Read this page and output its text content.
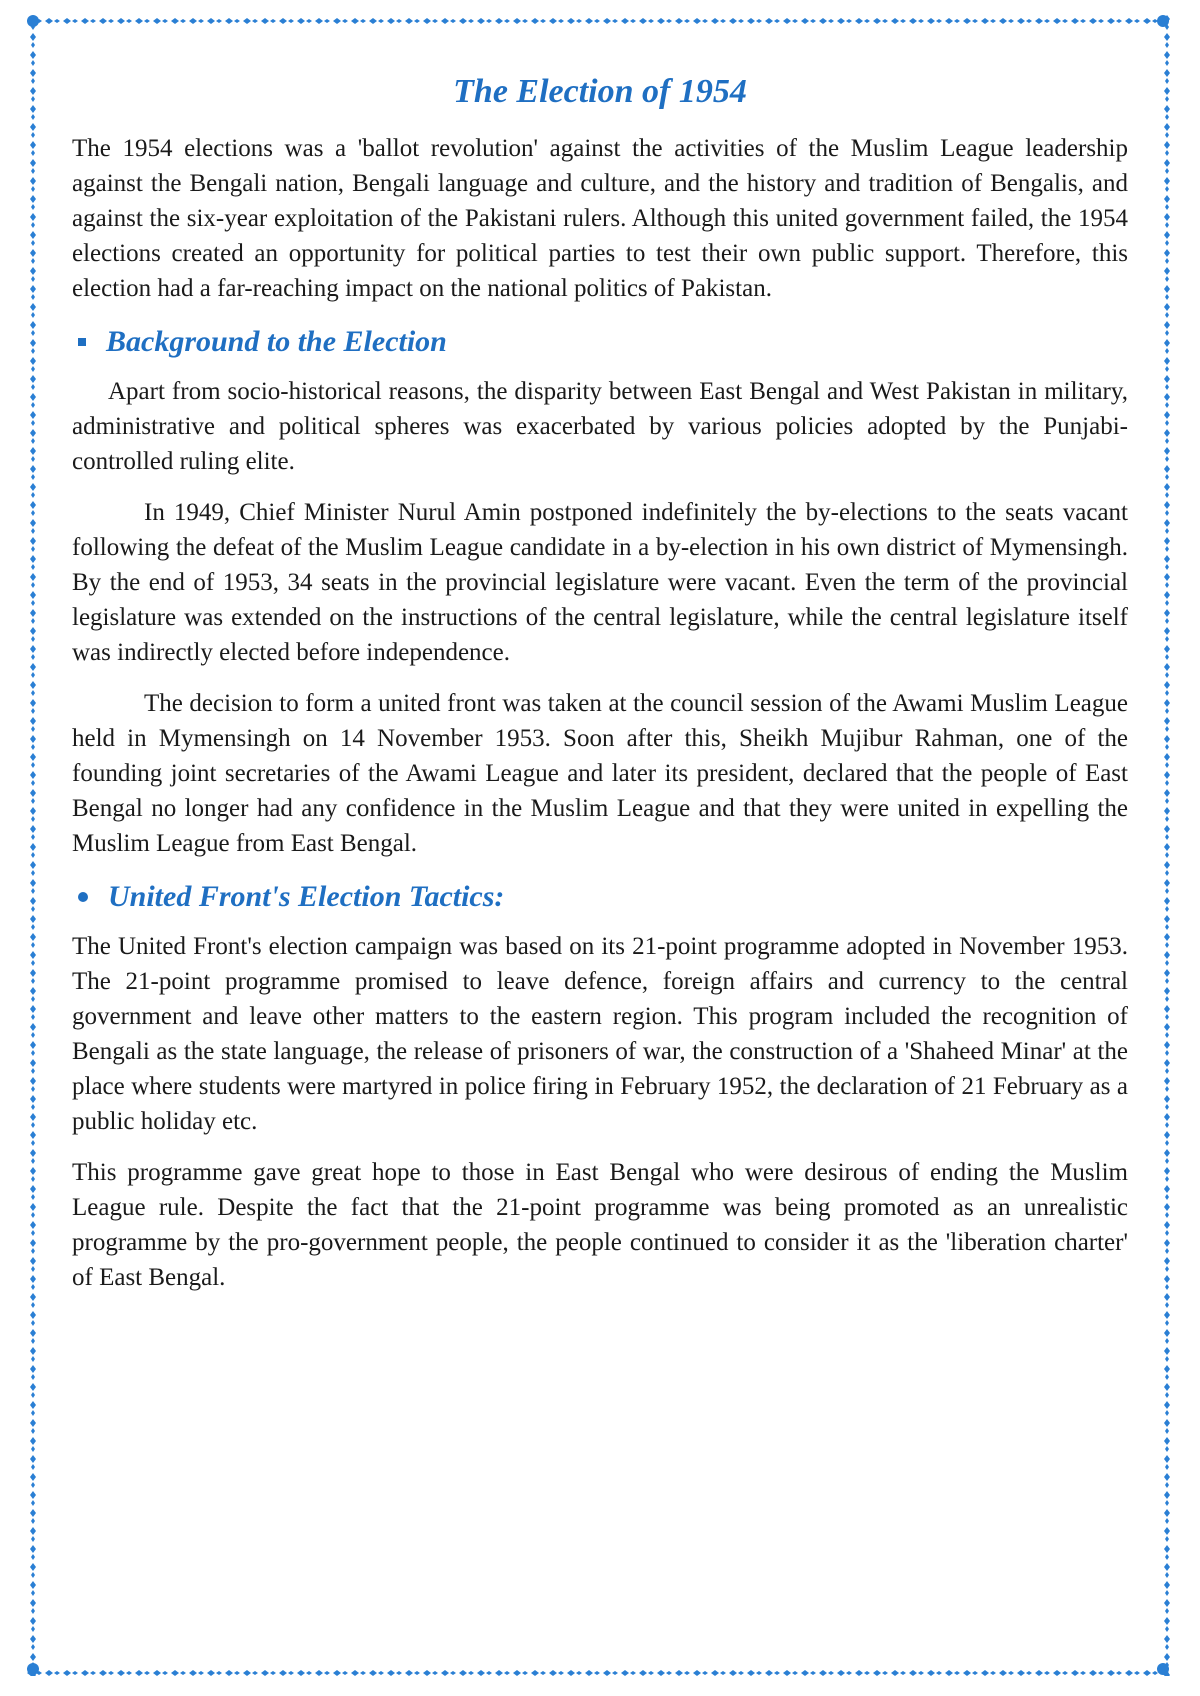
The Election of 1954

The 1954 elections was a 'ballot revolution' against the activities of the Muslim League leadership against the Bengali nation, Bengali language and culture, and the history and tradition of Bengalis, and against the six-year exploitation of the Pakistani rulers. Although this united government failed, the 1954 elections created an opportunity for political parties to test their own public support. Therefore, this election had a far-reaching impact on the national politics of Pakistan.

Background to the Election

Apart from socio-historical reasons, the disparity between East Bengal and West Pakistan in military, administrative and political spheres was exacerbated by various policies adopted by the Punjabi-controlled ruling elite.

In 1949, Chief Minister Nurul Amin postponed indefinitely the by-elections to the seats vacant following the defeat of the Muslim League candidate in a by-election in his own district of Mymensingh. By the end of 1953, 34 seats in the provincial legislature were vacant. Even the term of the provincial legislature was extended on the instructions of the central legislature, while the central legislature itself was indirectly elected before independence.

The decision to form a united front was taken at the council session of the Awami Muslim League held in Mymensingh on 14 November 1953. Soon after this, Sheikh Mujibur Rahman, one of the founding joint secretaries of the Awami League and later its president, declared that the people of East Bengal no longer had any confidence in the Muslim League and that they were united in expelling the Muslim League from East Bengal.

United Front's Election Tactics:

The United Front's election campaign was based on its 21-point programme adopted in November 1953. The 21-point programme promised to leave defence, foreign affairs and currency to the central government and leave other matters to the eastern region. This program included the recognition of Bengali as the state language, the release of prisoners of war, the construction of a 'Shaheed Minar' at the place where students were martyred in police firing in February 1952, the declaration of 21 February as a public holiday etc.

This programme gave great hope to those in East Bengal who were desirous of ending the Muslim League rule. Despite the fact that the 21-point programme was being promoted as an unrealistic programme by the pro-government people, the people continued to consider it as the 'liberation charter' of East Bengal.
